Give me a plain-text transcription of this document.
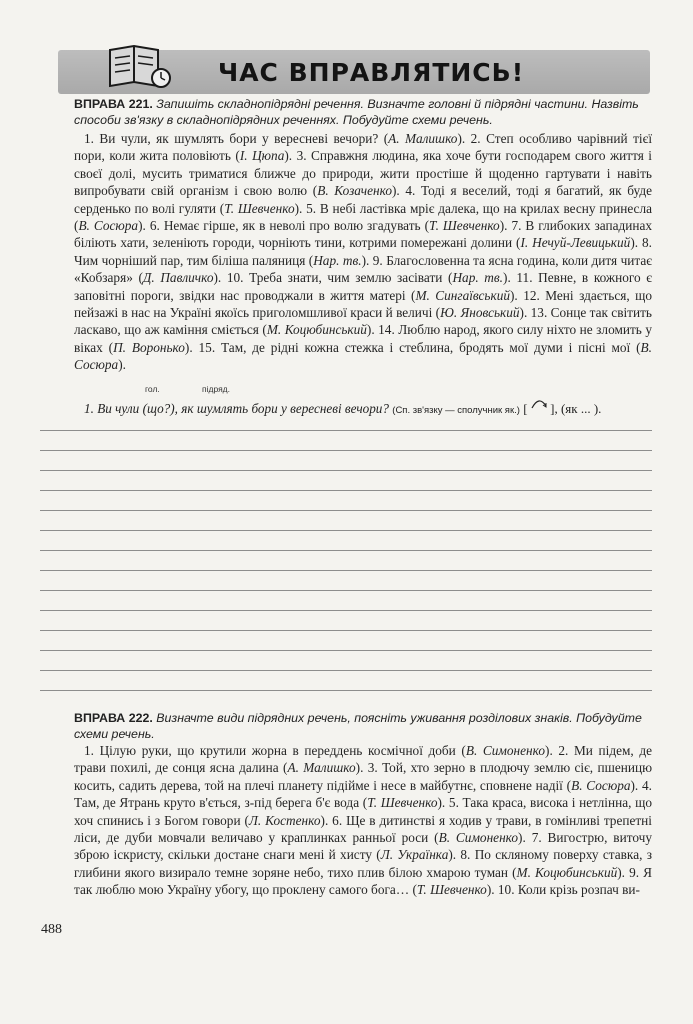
ЧАС ВПРАВЛЯТИСЬ!
ВПРАВА 221. Запишіть складнопідрядні речення. Визначте головні й підрядні частини. Назвіть способи зв'язку в складнопідрядних реченнях. Побудуйте схеми речень.

1. Ви чули, як шумлять бори у вересневі вечори? (А. Малишко). 2. Степ особливо чарівний тієї пори, коли жита половіють (І. Цюпа). 3. Справжня людина, яка хоче бути господарем свого життя і своєї долі, мусить триматися ближче до природи, жити простіше й щоденно гартувати і навіть випробувати свій організм і свою волю (В. Козаченко). 4. Тоді я веселий, тоді я багатий, як буде серденько по волі гуляти (Т. Шевченко). 5. В небі ластівка мріє далека, що на крилах весну принесла (В. Сосюра). 6. Немає гірше, як в неволі про волю згадувать (Т. Шевченко). 7. В глибоких западинах біліють хати, зеленіють городи, чорніють тини, котрими помережані долини (І. Нечуй-Левицький). 8. Чим чорніший пар, тим біліша паляниця (Нар. тв.). 9. Благословенна та ясна година, коли дитя читає «Кобзаря» (Д. Павличко). 10. Треба знати, чим землю засівати (Нар. тв.). 11. Певне, в кожного є заповітні пороги, звідки нас проводжали в життя матері (М. Сингаївський). 12. Мені здається, що пейзажі в нас на Україні якоїсь приголомшливої краси й величі (Ю. Яновський). 13. Сонце так світить ласкаво, що аж каміння сміється (М. Коцюбинський). 14. Люблю народ, якого силу ніхто не зломить у віках (П. Воронько). 15. Там, де рідні кожна стежка і стеблина, бродять мої думи і пісні мої (В. Сосюра).

гол.	підряд.
1. Ви чули (що?), як шумлять бори у вересневі вечори? (Сп. зв'язку — сполучник як.) [ ], (як ... ).
ВПРАВА 222. Визначте види підрядних речень, поясніть уживання розділових знаків. Побудуйте схеми речень.

1. Цілую руки, що крутили жорна в переддень космічної доби (В. Симоненко). 2. Ми підем, де трави похилі, де сонця ясна далина (А. Малишко). 3. Той, хто зерно в плодючу землю сіє, пшеницю косить, садить дерева, той на плечі планету підійме і несе в майбутнє, сповнене надії (В. Сосюра). 4. Там, де Ятрань круто в'ється, з-під берега б'є вода (Т. Шевченко). 5. Така краса, висока і нетлінна, що хоч спинись і з Богом говори (Л. Костенко). 6. Ще в дитинстві я ходив у трави, в гомінливі трепетні ліси, де дуби мовчали величаво у краплинках ранньої роси (В. Симоненко). 7. Вигострю, виточу зброю іскристу, скільки достане снаги мені й хисту (Л. Українка). 8. По скляному поверху ставка, з глибини якого визирало темне зоряне небо, тихо плив білою хмарою туман (М. Коцюбинський). 9. Я так люблю мою Україну убогу, що проклену самого бога… (Т. Шевченко). 10. Коли крізь розпач ви-

488
